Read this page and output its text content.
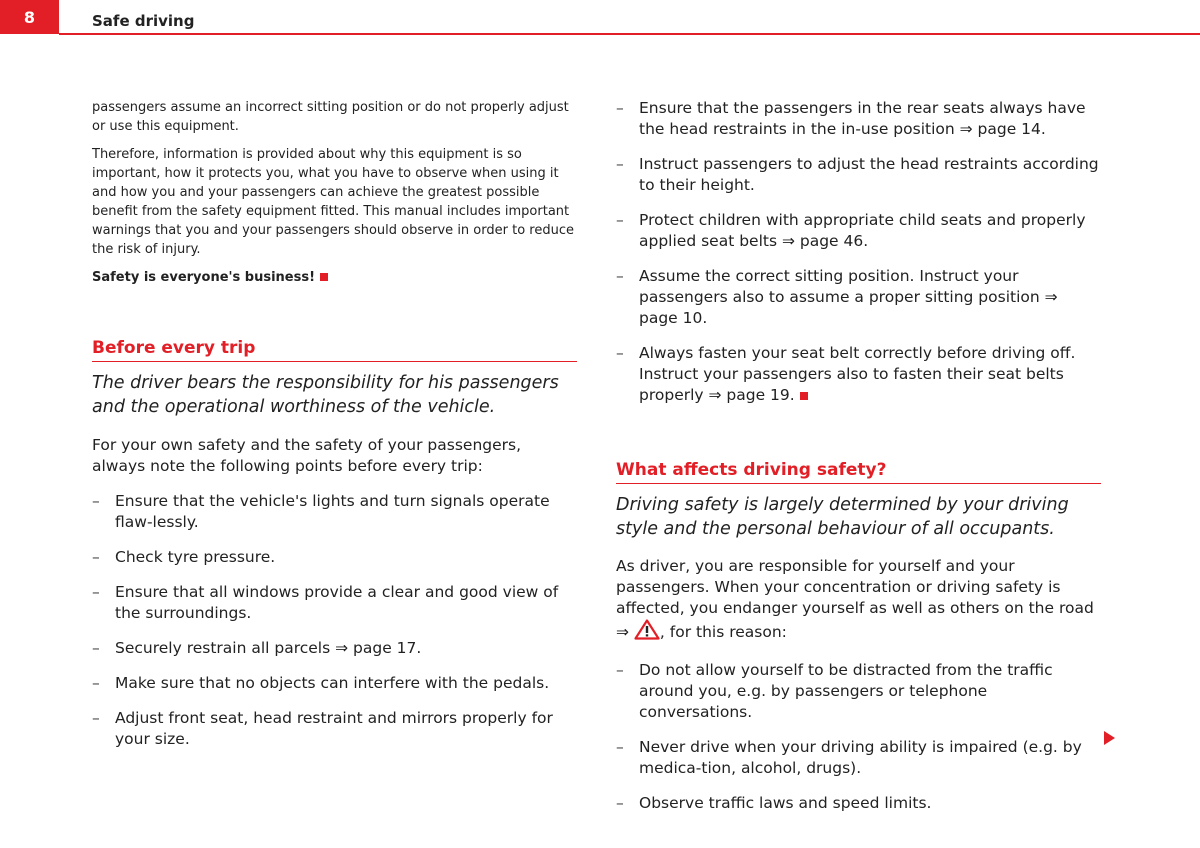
8	Safe driving

passengers assume an incorrect sitting position or do not properly adjust or use this equipment.

Therefore, information is provided about why this equipment is so important, how it protects you, what you have to observe when using it and how you and your passengers can achieve the greatest possible benefit from the safety equipment fitted. This manual includes important warnings that you and your passengers should observe in order to reduce the risk of injury.

Safety is everyone's business!

Before every trip

The driver bears the responsibility for his passengers and the operational worthiness of the vehicle.

For your own safety and the safety of your passengers, always note the following points before every trip:

– Ensure that the vehicle's lights and turn signals operate flaw-lessly.
– Check tyre pressure.
– Ensure that all windows provide a clear and good view of the surroundings.
– Securely restrain all parcels ⇒ page 17.
– Make sure that no objects can interfere with the pedals.
– Adjust front seat, head restraint and mirrors properly for your size.
– Ensure that the passengers in the rear seats always have the head restraints in the in-use position ⇒ page 14.
– Instruct passengers to adjust the head restraints according to their height.
– Protect children with appropriate child seats and properly applied seat belts ⇒ page 46.
– Assume the correct sitting position. Instruct your passengers also to assume a proper sitting position ⇒ page 10.
– Always fasten your seat belt correctly before driving off. Instruct your passengers also to fasten their seat belts properly ⇒ page 19.
What affects driving safety?

Driving safety is largely determined by your driving style and the personal behaviour of all occupants.

As driver, you are responsible for yourself and your passengers. When your concentration or driving safety is affected, you endanger yourself as well as others on the road ⇒ , for this reason:

– Do not allow yourself to be distracted from the traffic around you, e.g. by passengers or telephone conversations.
– Never drive when your driving ability is impaired (e.g. by medica-tion, alcohol, drugs).
– Observe traffic laws and speed limits.
